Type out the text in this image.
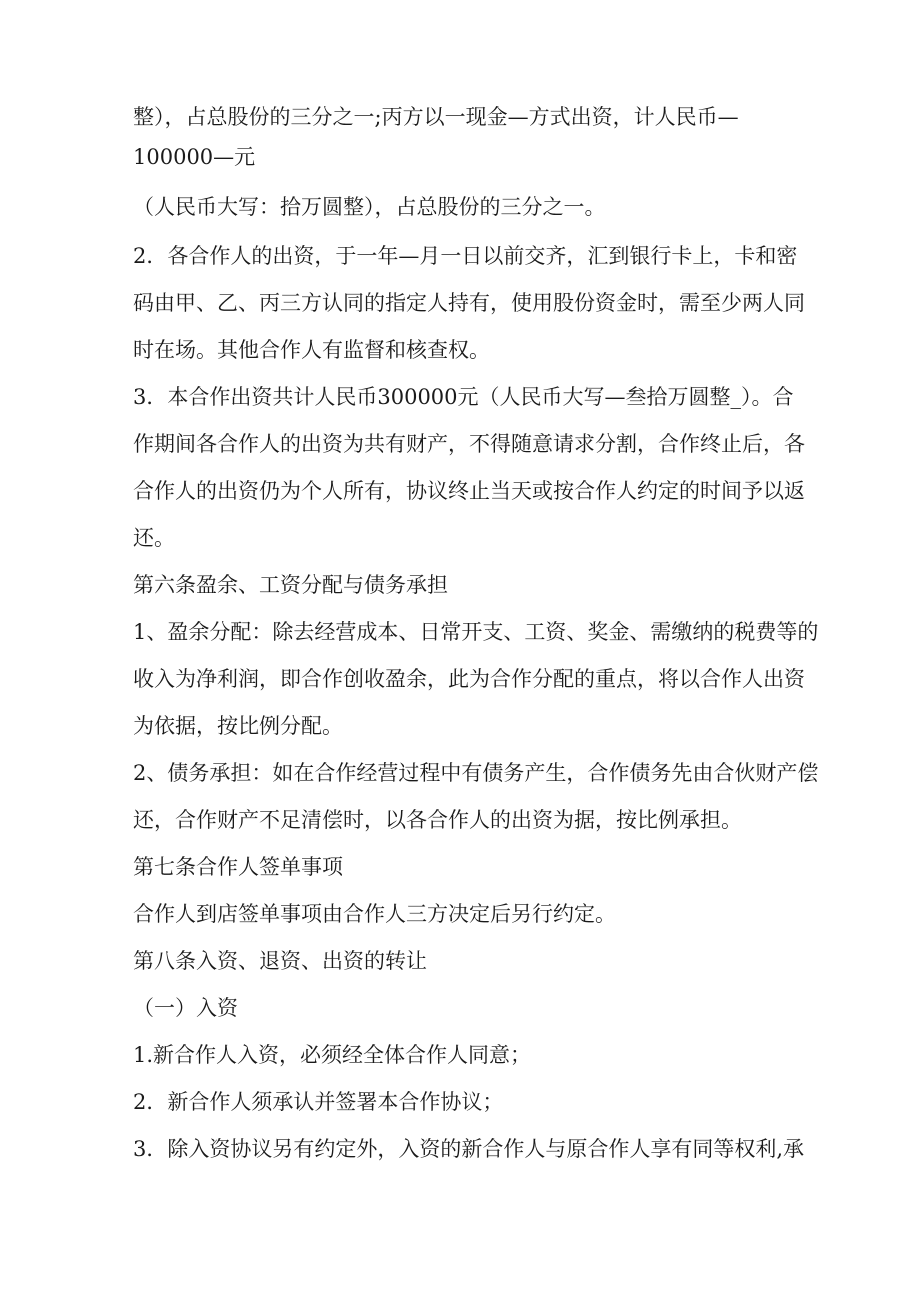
整），占总股份的三分之一;丙方以一现金—方式出资，计人民币—
100000—元
（人民币大写：拾万圆整），占总股份的三分之一。
2．各合作人的出资，于一年—月一日以前交齐，汇到银行卡上，卡和密
码由甲、乙、丙三方认同的指定人持有，使用股份资金时，需至少两人同
时在场。其他合作人有监督和核查权。
3．本合作出资共计人民币300000元（人民币大写—叁拾万圆整_）。合
作期间各合作人的出资为共有财产，不得随意请求分割，合作终止后，各
合作人的出资仍为个人所有，协议终止当天或按合作人约定的时间予以返
还。
第六条盈余、工资分配与债务承担
1、盈余分配：除去经营成本、日常开支、工资、奖金、需缴纳的税费等的
收入为净利润，即合作创收盈余，此为合作分配的重点，将以合作人出资
为依据，按比例分配。
2、债务承担：如在合作经营过程中有债务产生，合作债务先由合伙财产偿
还，合作财产不足清偿时，以各合作人的出资为据，按比例承担。
第七条合作人签单事项
合作人到店签单事项由合作人三方决定后另行约定。
第八条入资、退资、出资的转让
（一）入资
1.新合作人入资，必须经全体合作人同意；
2．新合作人须承认并签署本合作协议；
3．除入资协议另有约定外，入资的新合作人与原合作人享有同等权利,承
